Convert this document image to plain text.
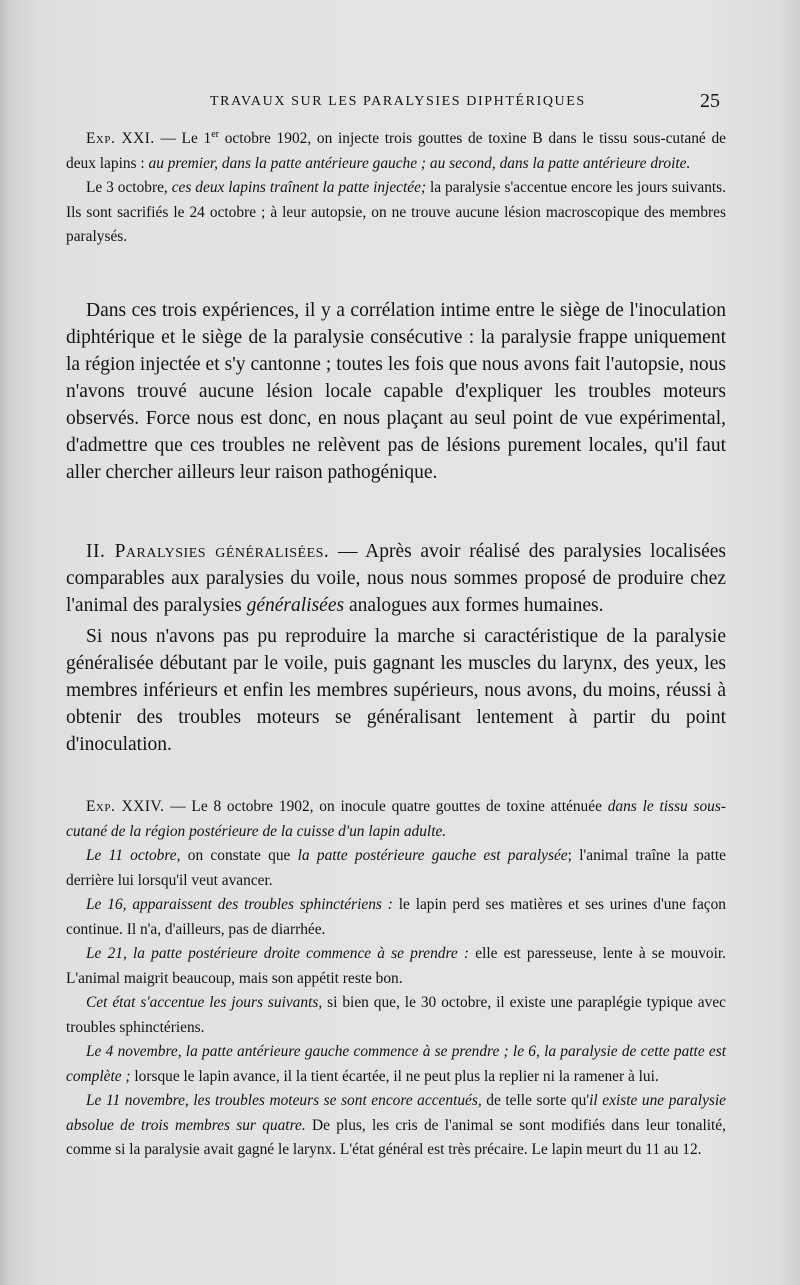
TRAVAUX SUR LES PARALYSIES DIPHTÉRIQUES	25

Exp. XXI. — Le 1er octobre 1902, on injecte trois gouttes de toxine B dans le tissu sous-cutané de deux lapins : au premier, dans la patte antérieure gauche ; au second, dans la patte antérieure droite.

Le 3 octobre, ces deux lapins traînent la patte injectée; la paralysie s'accentue encore les jours suivants. Ils sont sacrifiés le 24 octobre ; à leur autopsie, on ne trouve aucune lésion macroscopique des membres paralysés.

Dans ces trois expériences, il y a corrélation intime entre le siège de l'inoculation diphtérique et le siège de la paralysie consécutive : la paralysie frappe uniquement la région injectée et s'y cantonne ; toutes les fois que nous avons fait l'autopsie, nous n'avons trouvé aucune lésion locale capable d'expliquer les troubles moteurs observés. Force nous est donc, en nous plaçant au seul point de vue expérimental, d'admettre que ces troubles ne relèvent pas de lésions purement locales, qu'il faut aller chercher ailleurs leur raison pathogénique.

II. Paralysies généralisées. — Après avoir réalisé des paralysies localisées comparables aux paralysies du voile, nous nous sommes proposé de produire chez l'animal des paralysies généralisées analogues aux formes humaines.

Si nous n'avons pas pu reproduire la marche si caractéristique de la paralysie généralisée débutant par le voile, puis gagnant les muscles du larynx, des yeux, les membres inférieurs et enfin les membres supérieurs, nous avons, du moins, réussi à obtenir des troubles moteurs se généralisant lentement à partir du point d'inoculation.

Exp. XXIV. — Le 8 octobre 1902, on inocule quatre gouttes de toxine atténuée dans le tissu sous-cutané de la région postérieure de la cuisse d'un lapin adulte.

Le 11 octobre, on constate que la patte postérieure gauche est paralysée; l'animal traîne la patte derrière lui lorsqu'il veut avancer.

Le 16, apparaissent des troubles sphinctériens : le lapin perd ses matières et ses urines d'une façon continue. Il n'a, d'ailleurs, pas de diarrhée.

Le 21, la patte postérieure droite commence à se prendre : elle est paresseuse, lente à se mouvoir. L'animal maigrit beaucoup, mais son appétit reste bon.

Cet état s'accentue les jours suivants, si bien que, le 30 octobre, il existe une paraplégie typique avec troubles sphinctériens.

Le 4 novembre, la patte antérieure gauche commence à se prendre ; le 6, la paralysie de cette patte est complète ; lorsque le lapin avance, il la tient écartée, il ne peut plus la replier ni la ramener à lui.

Le 11 novembre, les troubles moteurs se sont encore accentués, de telle sorte qu'il existe une paralysie absolue de trois membres sur quatre. De plus, les cris de l'animal se sont modifiés dans leur tonalité, comme si la paralysie avait gagné le larynx. L'état général est très précaire. Le lapin meurt du 11 au 12.
